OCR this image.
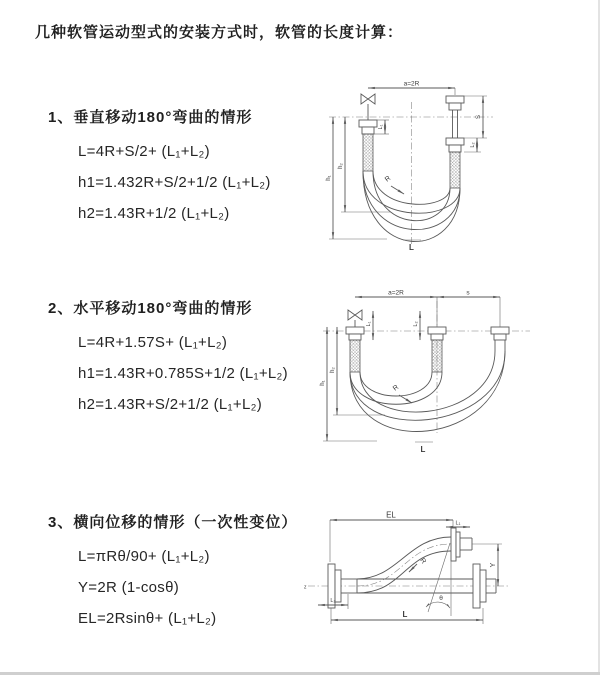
几种软管运动型式的安装方式时，软管的长度计算：

1、垂直移动180°弯曲的情形

L=4R+S/2+ (L₁+L₂)

h1=1.432R+S/2+1/2 (L₁+L₂)

h2=1.43R+1/2 (L₁+L₂)

a=2R
h₁
h₂
L₁
S
L₂
R
L

2、水平移动180°弯曲的情形

L=4R+1.57S+ (L₁+L₂)

h1=1.43R+0.785S+1/2 (L₁+L₂)

h2=1.43R+S/2+1/2 (L₁+L₂)

a=2R	s
h₁
h₂
L₁	L₂
R
L

3、横向位移的情形（一次性变位）

L=πRθ/90+ (L₁+L₂)

Y=2R (1-cosθ)

EL=2Rsinθ+ (L₁+L₂)

z
EL
L₁
Y
θ
R
L₂
L
